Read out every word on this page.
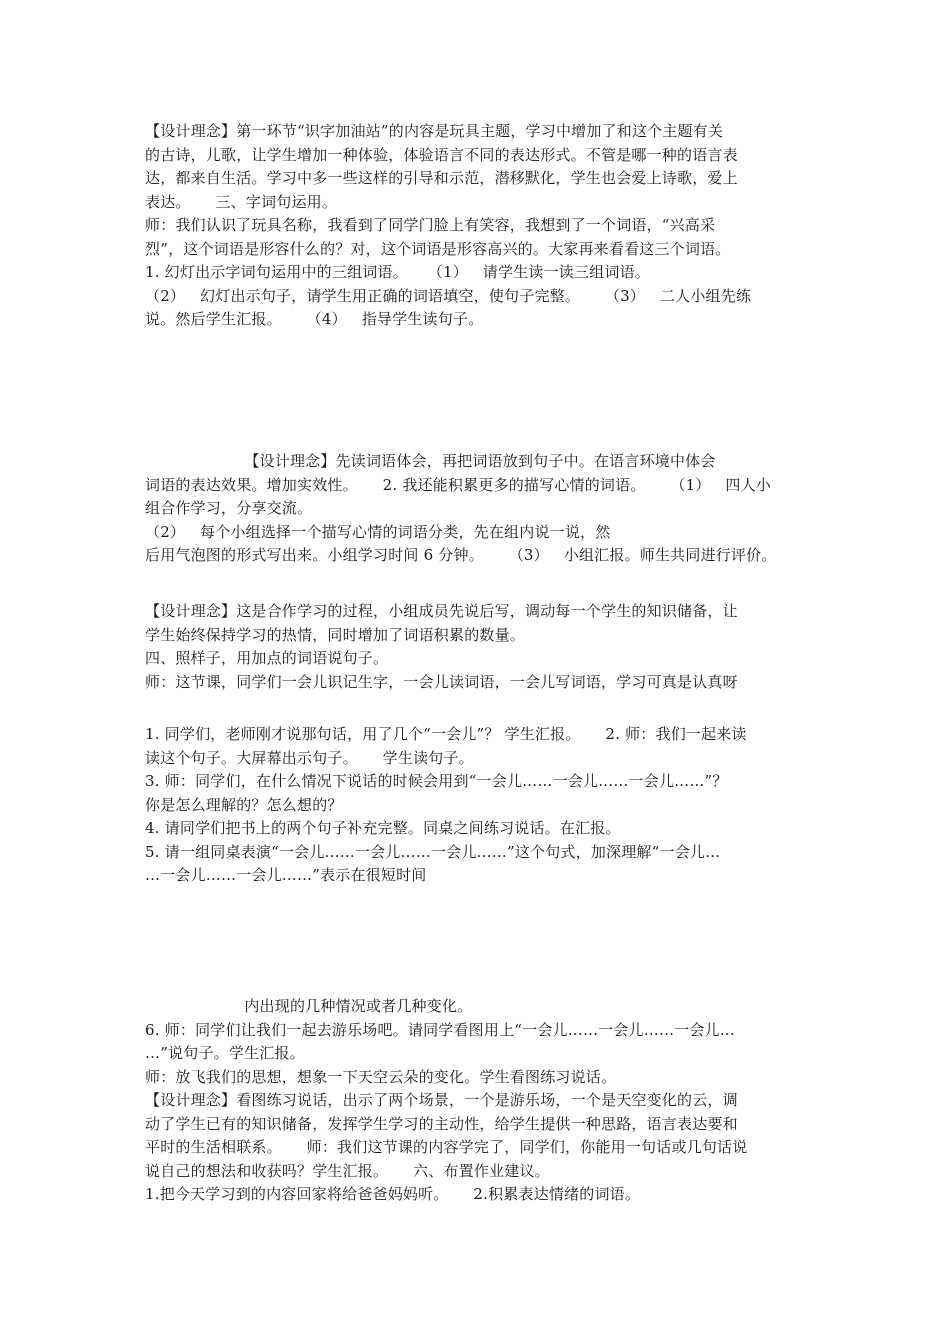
【设计理念】第一环节“识字加油站”的内容是玩具主题，学习中增加了和这个主题有关
的古诗，儿歌，让学生增加一种体验，体验语言不同的表达形式。不管是哪一种的语言表
达，都来自生活。学习中多一些这样的引导和示范，潜移默化，学生也会爱上诗歌，爱上
表达。     三、字词句运用。
师：我们认识了玩具名称，我看到了同学门脸上有笑容，我想到了一个词语，“兴高采
烈”，这个词语是形容什么的？对，这个词语是形容高兴的。大家再来看看这三个词语。
1. 幻灯出示字词句运用中的三组词语。    （1）   请学生读一读三组词语。
（2）   幻灯出示句子，请学生用正确的词语填空，使句子完整。     （3）   二人小组先练
说。然后学生汇报。     （4）   指导学生读句子。
【设计理念】先读词语体会，再把词语放到句子中。在语言环境中体会
词语的表达效果。增加实效性。     2. 我还能积累更多的描写心情的词语。     （1）   四人小
组合作学习，分享交流。
（2）   每个小组选择一个描写心情的词语分类，先在组内说一说，然
后用气泡图的形式写出来。小组学习时间 6 分钟。     （3）   小组汇报。师生共同进行评价。
【设计理念】这是合作学习的过程，小组成员先说后写，调动每一个学生的知识储备，让
学生始终保持学习的热情，同时增加了词语积累的数量。
四、照样子，用加点的词语说句子。
师：这节课，同学们一会儿识记生字，一会儿读词语，一会儿写词语，学习可真是认真呀
1. 同学们，老师刚才说那句话，用了几个“一会儿”？ 学生汇报。     2. 师：我们一起来读
读这个句子。大屏幕出示句子。     学生读句子。
3. 师：同学们，在什么情况下说话的时候会用到“一会儿……一会儿……一会儿……”？
你是怎么理解的？怎么想的？
4. 请同学们把书上的两个句子补充完整。同桌之间练习说话。在汇报。
5. 请一组同桌表演“一会儿……一会儿……一会儿……”这个句式，加深理解“一会儿…
…一会儿……一会儿……”表示在很短时间
内出现的几种情况或者几种变化。
6. 师：同学们让我们一起去游乐场吧。请同学看图用上“一会儿……一会儿……一会儿…
…”说句子。学生汇报。
师：放飞我们的思想，想象一下天空云朵的变化。学生看图练习说话。
【设计理念】看图练习说话，出示了两个场景，一个是游乐场，一个是天空变化的云，调
动了学生已有的知识储备，发挥学生学习的主动性，给学生提供一种思路，语言表达要和
平时的生活相联系。     师：我们这节课的内容学完了，同学们，你能用一句话或几句话说
说自己的想法和收获吗？学生汇报。     六、布置作业建议。
1.把今天学习到的内容回家将给爸爸妈妈听。     2.积累表达情绪的词语。
